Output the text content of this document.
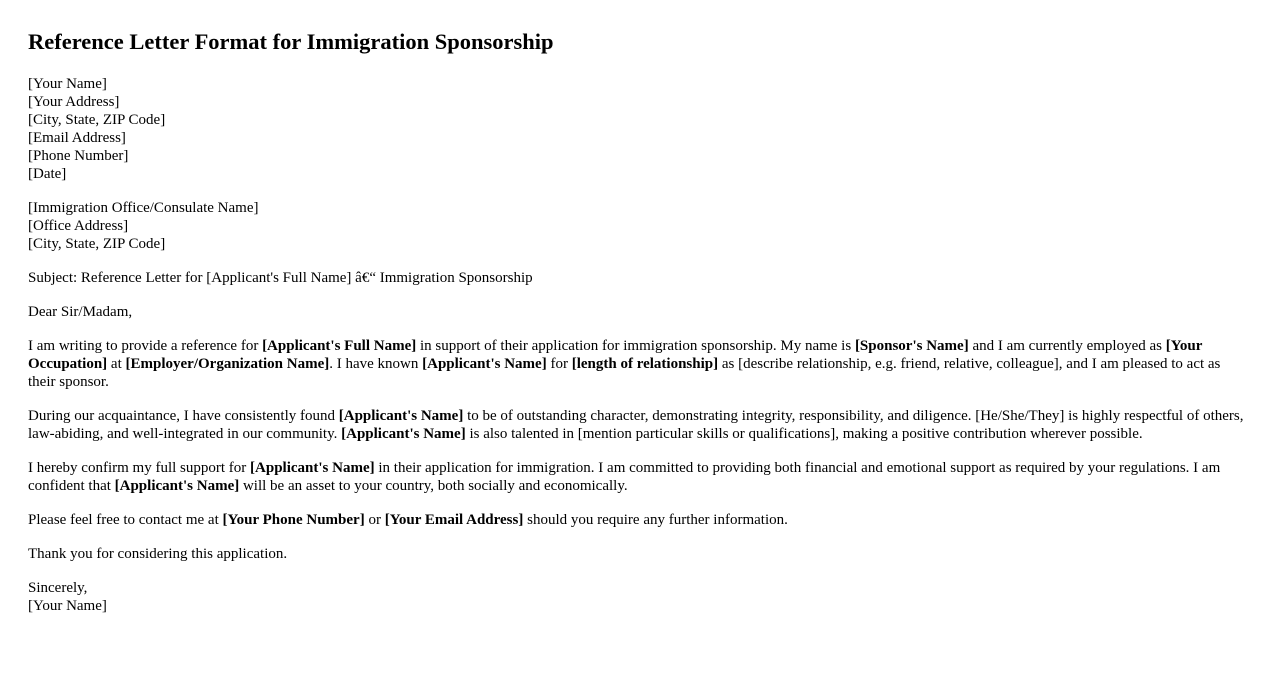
Reference Letter Format for Immigration Sponsorship
[Your Name]
[Your Address]
[City, State, ZIP Code]
[Email Address]
[Phone Number]
[Date]
[Immigration Office/Consulate Name]
[Office Address]
[City, State, ZIP Code]

Subject: Reference Letter for [Applicant's Full Name] â€“ Immigration Sponsorship

Dear Sir/Madam,

I am writing to provide a reference for [Applicant's Full Name] in support of their application for immigration sponsorship. My name is [Sponsor's Name] and I am currently employed as [Your Occupation] at [Employer/Organization Name]. I have known [Applicant's Name] for [length of relationship] as [describe relationship, e.g. friend, relative, colleague], and I am pleased to act as their sponsor.

During our acquaintance, I have consistently found [Applicant's Name] to be of outstanding character, demonstrating integrity, responsibility, and diligence. [He/She/They] is highly respectful of others, law-abiding, and well-integrated in our community. [Applicant's Name] is also talented in [mention particular skills or qualifications], making a positive contribution wherever possible.

I hereby confirm my full support for [Applicant's Name] in their application for immigration. I am committed to providing both financial and emotional support as required by your regulations. I am confident that [Applicant's Name] will be an asset to your country, both socially and economically.

Please feel free to contact me at [Your Phone Number] or [Your Email Address] should you require any further information.

Thank you for considering this application.

Sincerely,
[Your Name]
